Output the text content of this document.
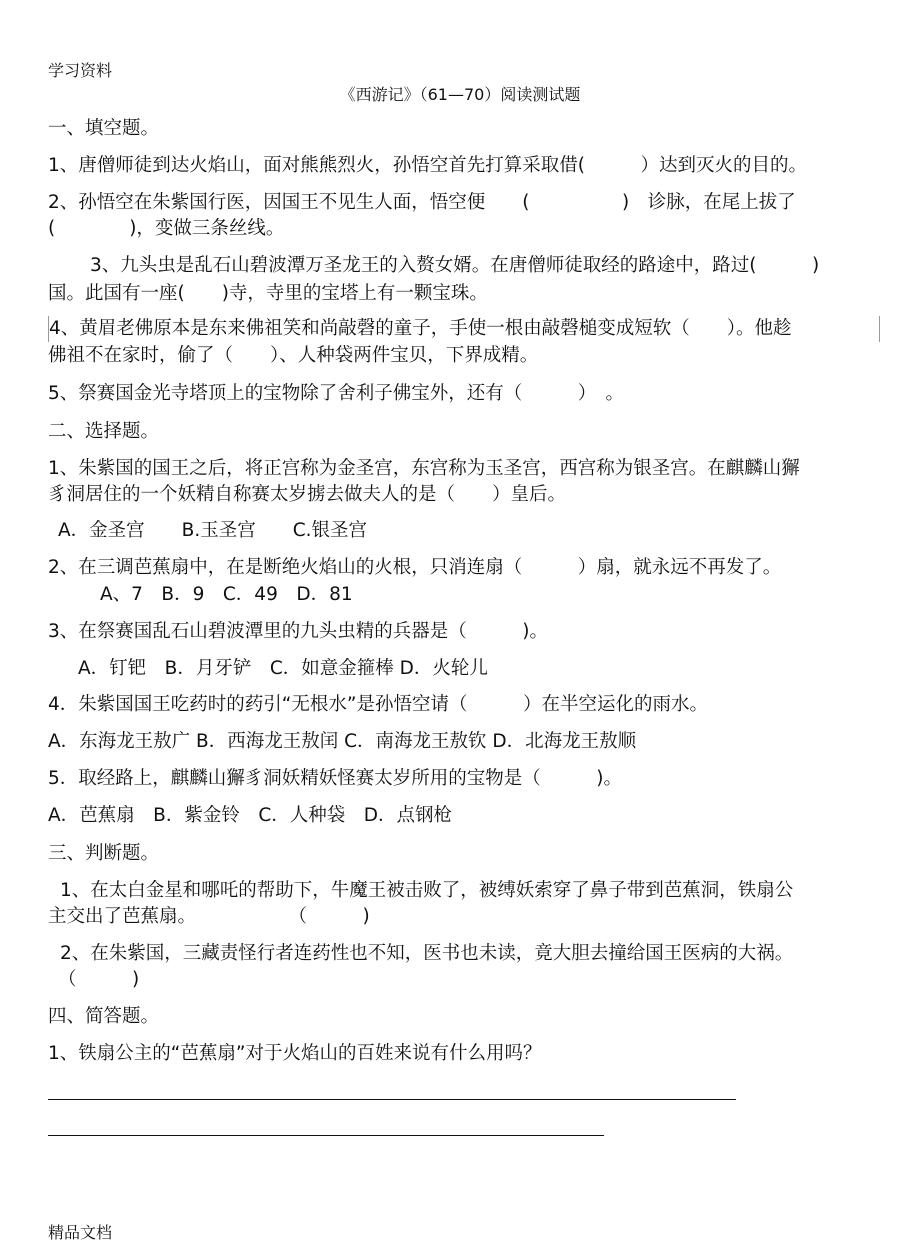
学习资料
《西游记》（61—70）阅读测试题
一、填空题。
1、唐僧师徒到达火焰山，面对熊熊烈火，孙悟空首先打算采取借(　　　）达到灭火的目的。
2、孙悟空在朱紫国行医，因国王不见生人面，悟空便　　(　　　　　)　诊脉，在尾上拔了
(　　　　)，变做三条丝线。
3、九头虫是乱石山碧波潭万圣龙王的入赘女婿。在唐僧师徒取经的路途中，路过(　　　)
国。此国有一座(　　)寺，寺里的宝塔上有一颗宝珠。
4、黄眉老佛原本是东来佛祖笑和尚敲磬的童子，手使一根由敲磬槌变成短软（　　）。他趁
佛祖不在家时，偷了（　　）、人种袋两件宝贝，下界成精。
5、祭赛国金光寺塔顶上的宝物除了舍利子佛宝外，还有（　　　）　。
二、选择题。
1、朱紫国的国王之后，将正宫称为金圣宫，东宫称为玉圣宫，西宫称为银圣宫。在麒麟山獬
豸洞居住的一个妖精自称赛太岁掳去做夫人的是（　　）皇后。
A．金圣宫　　B.玉圣宫　　C.银圣宫
2、在三调芭蕉扇中，在是断绝火焰山的火根，只消连扇（　　　）扇，就永远不再发了。
A、7　B．9　C．49　D．81
3、在祭赛国乱石山碧波潭里的九头虫精的兵器是（　　　)。
A．钉钯　B．月牙铲　C．如意金箍棒 D．火轮儿
4．朱紫国国王吃药时的药引“无根水”是孙悟空请（　　　）在半空运化的雨水。
A．东海龙王敖广 B．西海龙王敖闰 C．南海龙王敖钦 D．北海龙王敖顺
5．取经路上，麒麟山獬豸洞妖精妖怪赛太岁所用的宝物是（　　　)。
A．芭蕉扇　B．紫金铃　C．人种袋　D．点钢枪
三、判断题。
1、在太白金星和哪吒的帮助下，牛魔王被击败了，被缚妖索穿了鼻子带到芭蕉洞，铁扇公
主交出了芭蕉扇。　　　　　　（　　　)
2、在朱紫国，三藏责怪行者连药性也不知，医书也未读，竟大胆去撞给国王医病的大祸。
（　　　)
四、简答题。
1、铁扇公主的“芭蕉扇”对于火焰山的百姓来说有什么用吗？
精品文档
